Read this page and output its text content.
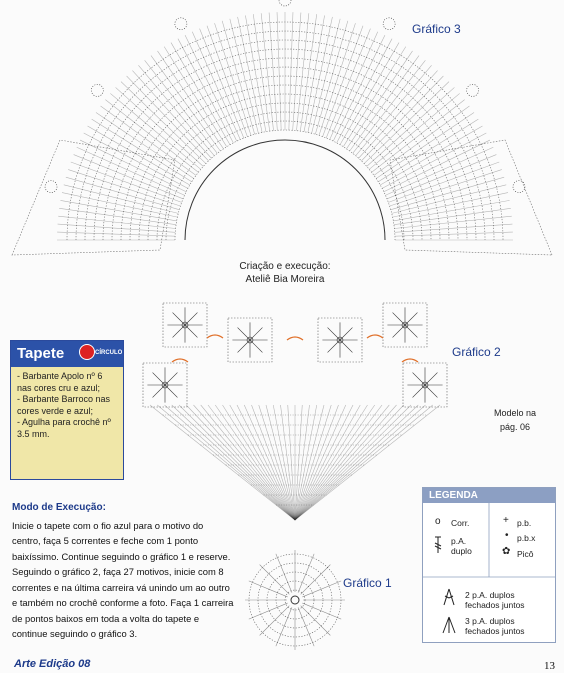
Gráfico 3
Gráfico 2
Gráfico 1
Criação e execução:
Ateliê Bia Moreira
Tapete	CÍRCULO
- Barbante Apolo nº 6 nas cores cru e azul;
- Barbante Barroco nas cores verde e azul;
- Agulha para crochê nº 3.5 mm.
Modo de Execução:
Inicie o tapete com o fio azul para o motivo do centro, faça 5 correntes e feche com 1 ponto baixíssimo. Continue seguindo o gráfico 1 e reserve. Seguindo o gráfico 2, faça 27 motivos, inicie com 8 correntes e na última carreira vá unindo um ao outro e também no crochê conforme a foto. Faça 1 carreira de pontos baixos em toda a volta do tapete e continue seguindo o gráfico 3.
Modelo na
pág. 06
LEGENDA
o Corr.
p.A.
duplo
+ p.b.
• p.b.x
✿ Picô
2 p.A. duplos
fechados juntos
3 p.A. duplos
fechados juntos
Arte Edição 08	13
